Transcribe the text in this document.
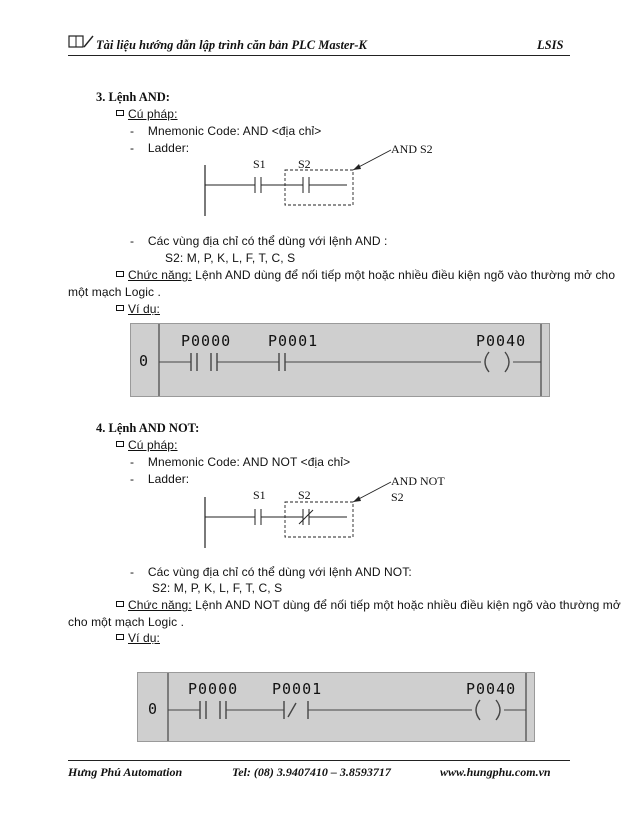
Tài liệu hướng dẫn lập trình căn bản PLC Master-K	LSIS
3. Lệnh AND:
Cú pháp:
-    Mnemonic Code: AND <địa chỉ>
-    Ladder:
S1	S2
AND S2
-    Các vùng địa chỉ có thể dùng với lệnh AND :
S2: M, P, K, L, F, T, C, S
Chức năng: Lệnh AND dùng để nối tiếp một hoặc nhiều điều kiện ngõ vào thường mở cho
một mạch Logic .
Ví dụ:
0
P0000 P0001	P0040
4. Lệnh AND NOT:
Cú pháp:
-    Mnemonic Code: AND NOT <địa chỉ>
-    Ladder:
S1	S2
AND NOT
S2
-    Các vùng địa chỉ có thể dùng với lệnh AND NOT:
S2: M, P, K, L, F, T, C, S
Chức năng: Lệnh AND NOT dùng để nối tiếp một hoặc nhiều điều kiện ngõ vào thường mở
cho một mạch Logic .
Ví dụ:
0
P0000 P0001	P0040
Hưng Phú Automation	Tel: (08) 3.9407410 – 3.8593717	www.hungphu.com.vn
